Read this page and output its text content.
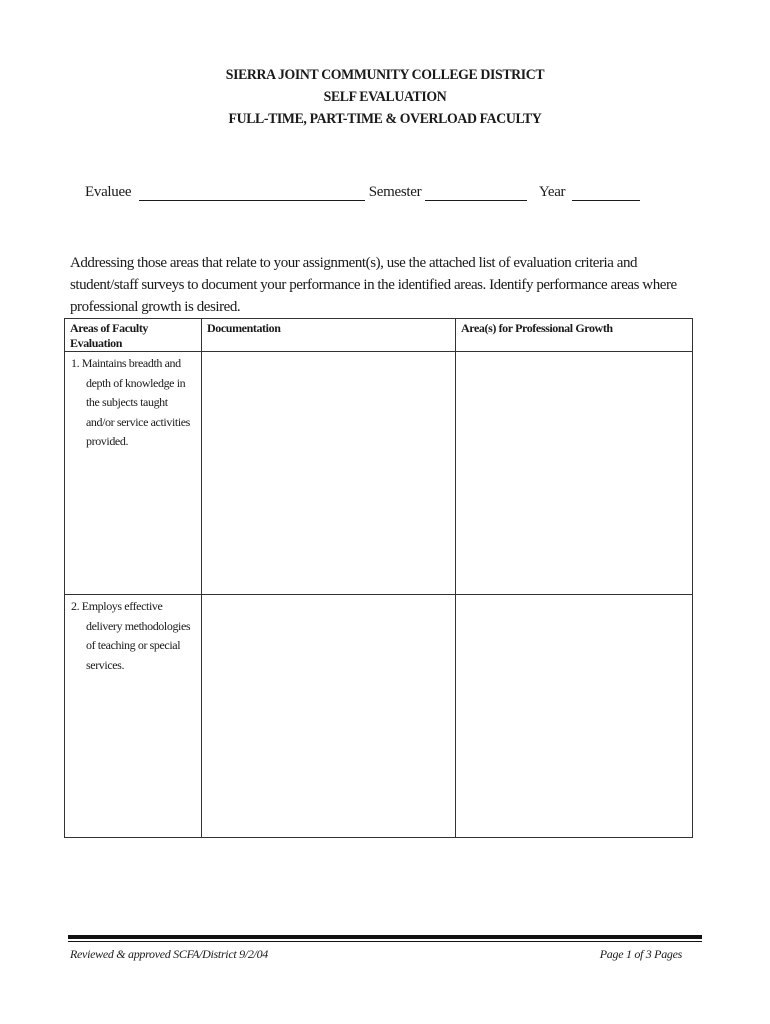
SIERRA JOINT COMMUNITY COLLEGE DISTRICT
SELF EVALUATION
FULL-TIME, PART-TIME & OVERLOAD FACULTY
Evaluee	Semester	Year
Addressing those areas that relate to your assignment(s), use the attached list of evaluation criteria and student/staff surveys to document your performance in the identified areas. Identify performance areas where professional growth is desired.
Areas of Faculty Evaluation	Documentation	Area(s) for Professional Growth

1. Maintains breadth and depth of knowledge in the subjects taught and/or service activities provided.		

2. Employs effective delivery methodologies of teaching or special services.		

Reviewed & approved SCFA/District 9/2/04	Page 1 of 3 Pages
